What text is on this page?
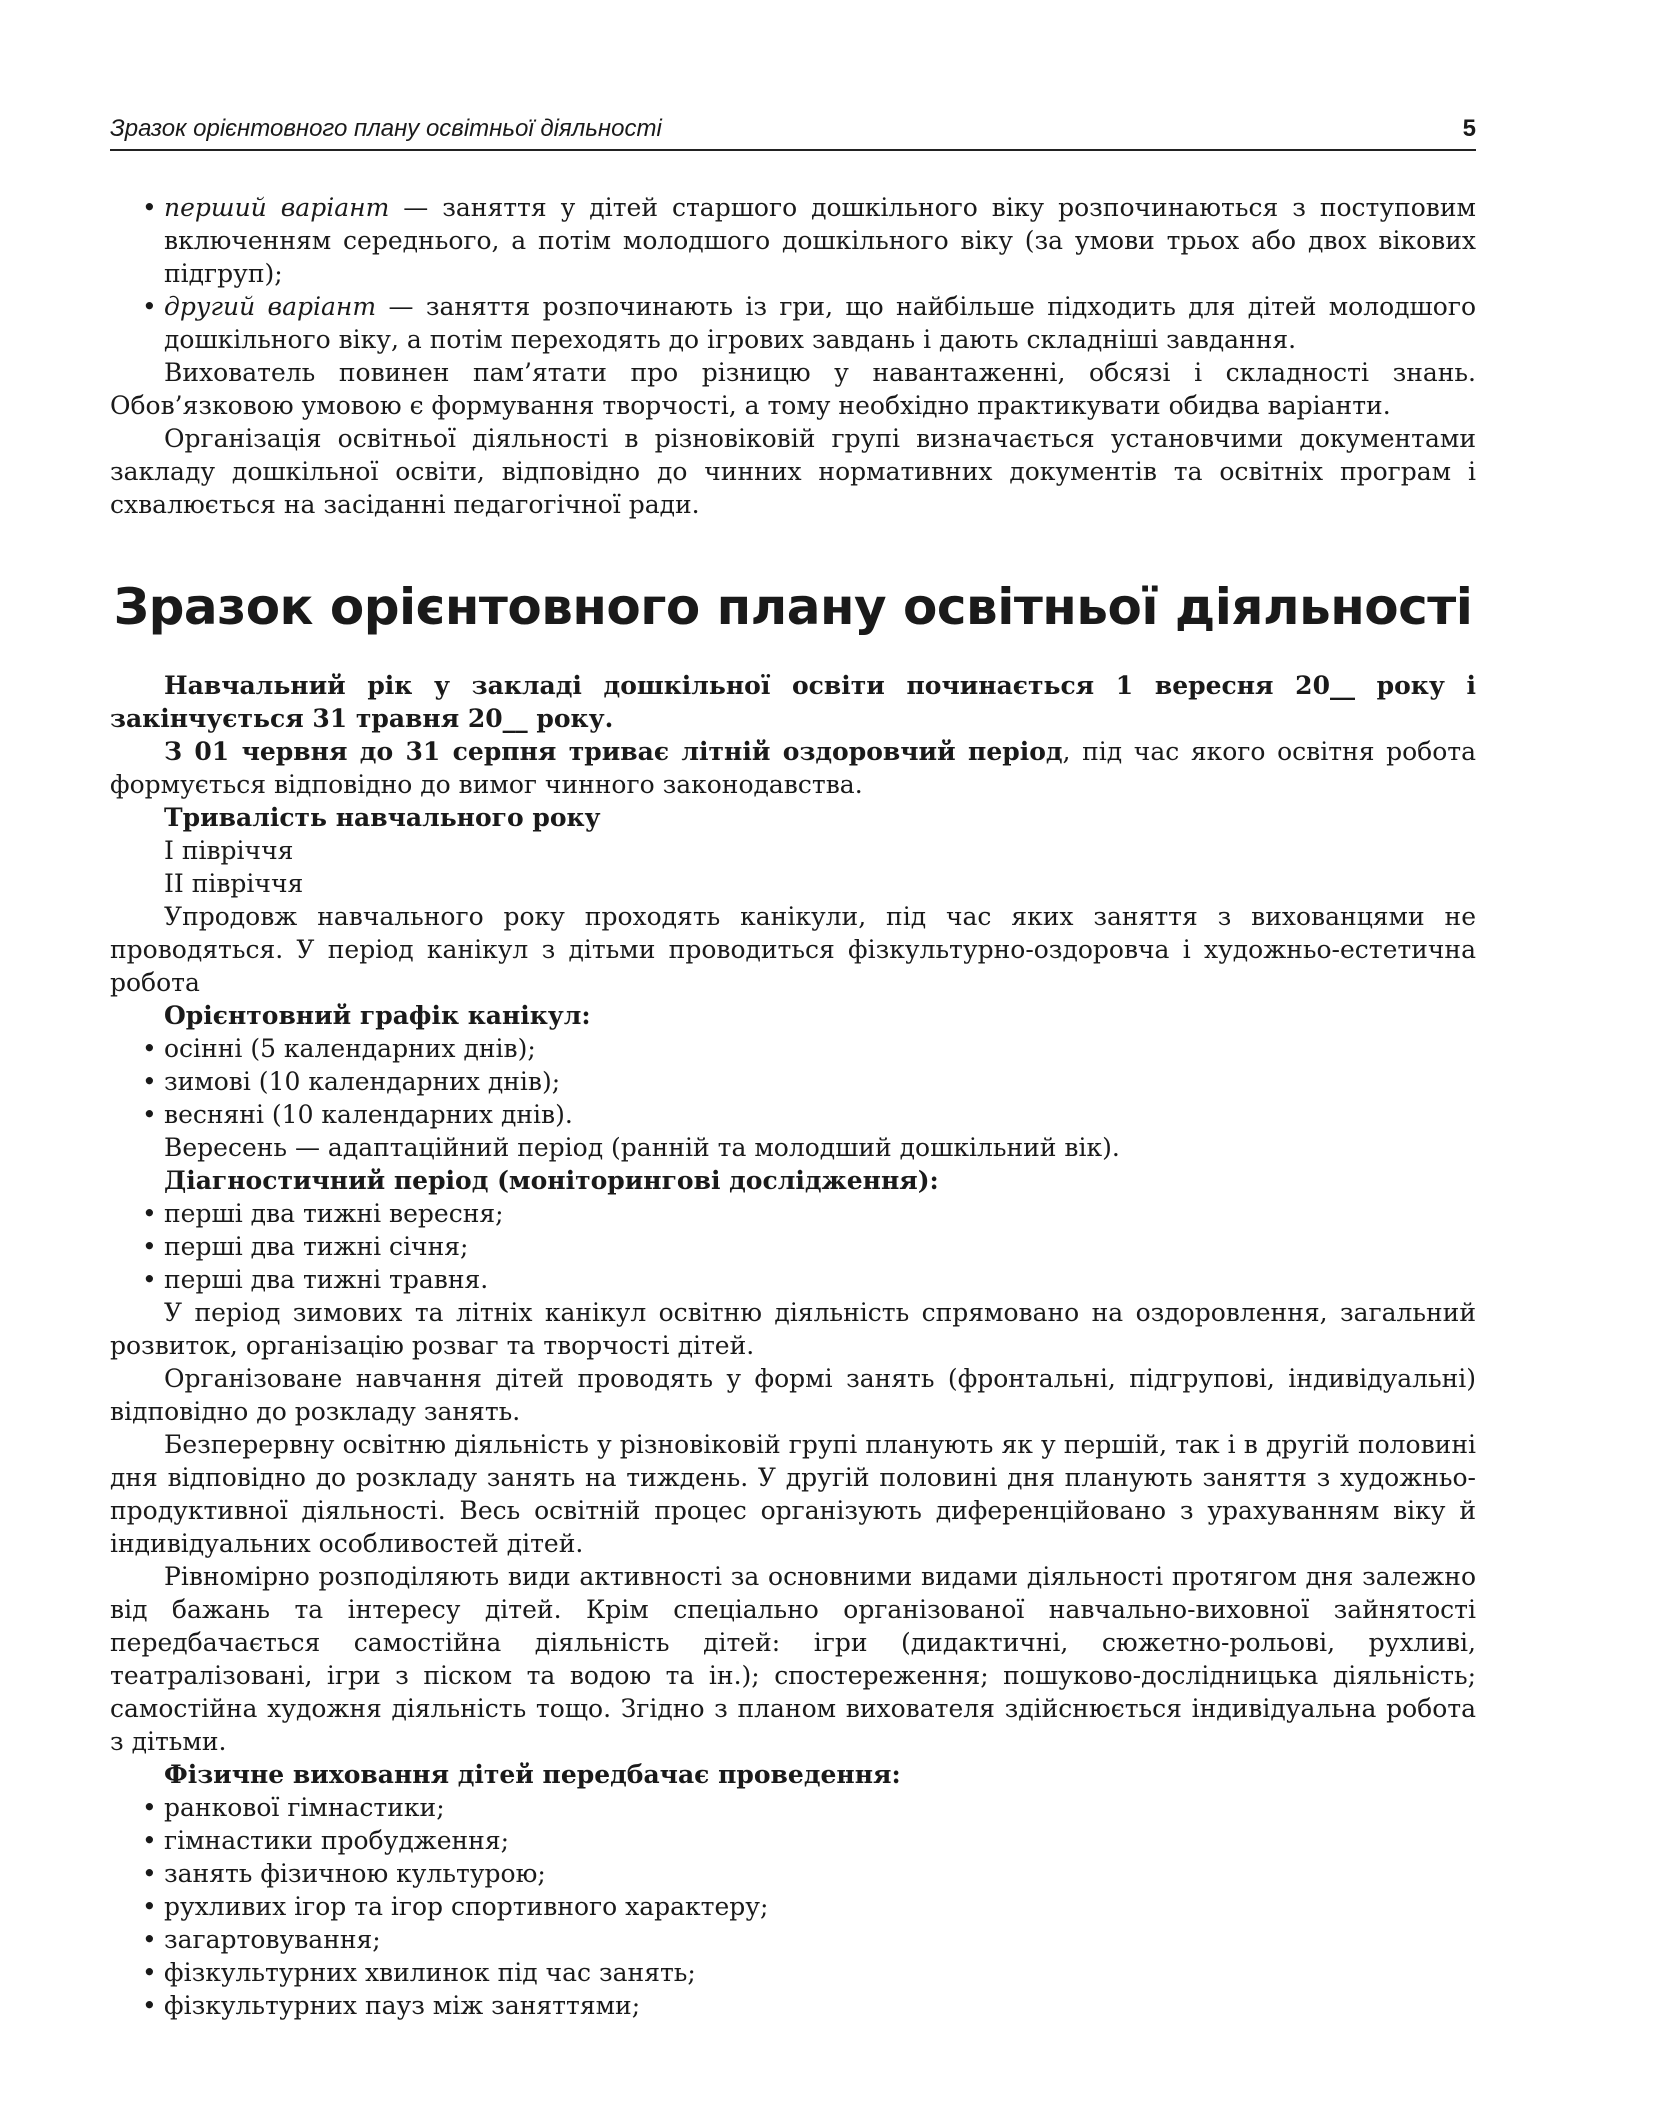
Зразок орієнтовного плану освітньої діяльності	5
• перший варіант — заняття у дітей старшого дошкільного віку розпочинаються з поступовим включенням середнього, а потім молодшого дошкільного віку (за умови трьох або двох вікових підгруп);
• другий варіант — заняття розпочинають із гри, що найбільше підходить для дітей молодшого дошкільного віку, а потім переходять до ігрових завдань і дають складніші завдання.

Вихователь повинен пам’ятати про різницю у навантаженні, обсязі і складності знань. Обов’язковою умовою є формування творчості, а тому необхідно практикувати обидва варіанти.

Організація освітньої діяльності в різновіковій групі визначається установчими документами закладу дошкільної освіти, відповідно до чинних нормативних документів та освітніх програм і схвалюється на засіданні педагогічної ради.

Зразок орієнтовного плану освітньої діяльності

Навчальний рік у закладі дошкільної освіти починається 1 вересня 20__ року і закінчується 31 травня 20__ року.

З 01 червня до 31 серпня триває літній оздоровчий період, під час якого освітня робота формується відповідно до вимог чинного законодавства.

Тривалість навчального року

I півріччя

II півріччя

Упродовж навчального року проходять канікули, під час яких заняття з вихованцями не проводяться. У період канікул з дітьми проводиться фізкультурно-оздоровча і художньо-естетична робота

Орієнтовний графік канікул:

• осінні (5 календарних днів);
• зимові (10 календарних днів);
• весняні (10 календарних днів).

Вересень — адаптаційний період (ранній та молодший дошкільний вік).

Діагностичний період (моніторингові дослідження):

• перші два тижні вересня;
• перші два тижні січня;
• перші два тижні травня.

У період зимових та літніх канікул освітню діяльність спрямовано на оздоровлення, загальний розвиток, організацію розваг та творчості дітей.

Організоване навчання дітей проводять у формі занять (фронтальні, підгрупові, індивідуальні) відповідно до розкладу занять.

Безперервну освітню діяльність у різновіковій групі планують як у першій, так і в другій половині дня відповідно до розкладу занять на тиждень. У другій половині дня планують заняття з художньо-продуктивної діяльності. Весь освітній процес організують диференційовано з урахуванням віку й індивідуальних особливостей дітей.

Рівномірно розподіляють види активності за основними видами діяльності протягом дня залежно від бажань та інтересу дітей. Крім спеціально організованої навчально-виховної зайнятості передбачається самостійна діяльність дітей: ігри (дидактичні, сюжетно-рольові, рухливі, театралізовані, ігри з піском та водою та ін.); спостереження; пошуково-дослідницька діяльність; самостійна художня діяльність тощо. Згідно з планом вихователя здійснюється індивідуальна робота з дітьми.

Фізичне виховання дітей передбачає проведення:

• ранкової гімнастики;
• гімнастики пробудження;
• занять фізичною культурою;
• рухливих ігор та ігор спортивного характеру;
• загартовування;
• фізкультурних хвилинок під час занять;
• фізкультурних пауз між заняттями;
